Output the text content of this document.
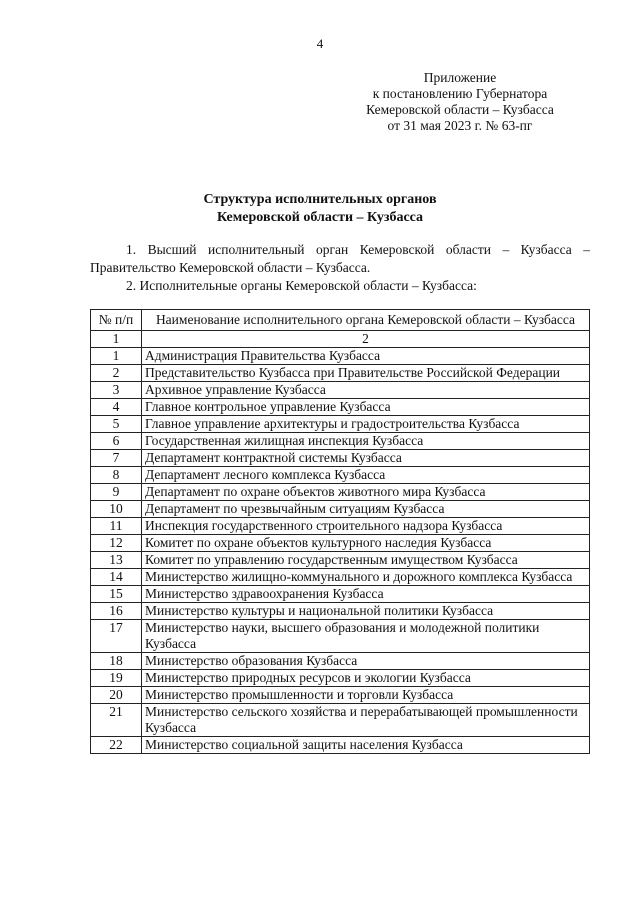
4
Приложение
к постановлению Губернатора
Кемеровской области – Кузбасса
от 31 мая 2023 г. № 63-пг
Структура исполнительных органов
Кемеровской области – Кузбасса

1. Высший исполнительный орган Кемеровской области – Кузбасса – Правительство Кемеровской области – Кузбасса.

2. Исполнительные органы Кемеровской области – Кузбасса:

№ п/п	Наименование исполнительного органа Кемеровской области – Кузбасса
1	2
1	Администрация Правительства Кузбасса
2	Представительство Кузбасса при Правительстве Российской Федерации
3	Архивное управление Кузбасса
4	Главное контрольное управление Кузбасса
5	Главное управление архитектуры и градостроительства Кузбасса
6	Государственная жилищная инспекция Кузбасса
7	Департамент контрактной системы Кузбасса
8	Департамент лесного комплекса Кузбасса
9	Департамент по охране объектов животного мира Кузбасса
10	Департамент по чрезвычайным ситуациям Кузбасса
11	Инспекция государственного строительного надзора Кузбасса
12	Комитет по охране объектов культурного наследия Кузбасса
13	Комитет по управлению государственным имуществом Кузбасса
14	Министерство жилищно-коммунального и дорожного комплекса Кузбасса
15	Министерство здравоохранения Кузбасса
16	Министерство культуры и национальной политики Кузбасса
17	Министерство науки, высшего образования и молодежной политики Кузбасса
18	Министерство образования Кузбасса
19	Министерство природных ресурсов и экологии Кузбасса
20	Министерство промышленности и торговли Кузбасса
21	Министерство сельского хозяйства и перерабатывающей промышленности Кузбасса
22	Министерство социальной защиты населения Кузбасса
